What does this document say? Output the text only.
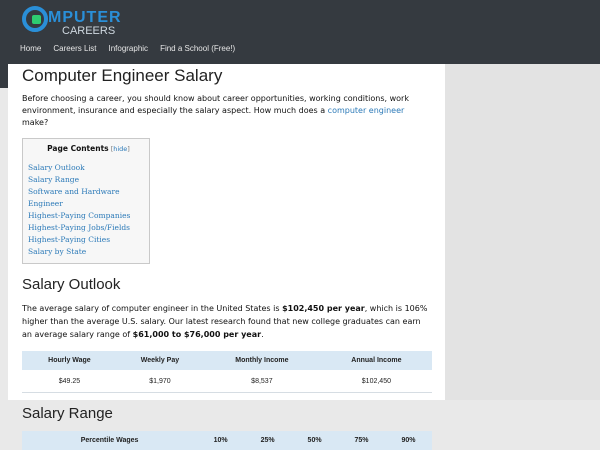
MPUTER
CAREERS
Home	Careers List	Infographic	Find a School (Free!)
Computer Engineer Salary

Before choosing a career, you should know about career opportunities, working conditions, work environment, insurance and especially the salary aspect. How much does a computer engineer make?

Page Contents [hide]
Salary Outlook
Salary Range
Software and Hardware Engineer
Highest-Paying Companies
Highest-Paying Jobs/Fields
Highest-Paying Cities
Salary by State
Salary Outlook

The average salary of computer engineer in the United States is $102,450 per year, which is 106% higher than the average U.S. salary. Our latest research found that new college graduates can earn an average salary range of $61,000 to $76,000 per year.

Hourly Wage	Weekly Pay	Monthly Income	Annual Income
$49.25	$1,970	$8,537	$102,450
Salary Range
Percentile Wages	10%	25%	50%	75%	90%
